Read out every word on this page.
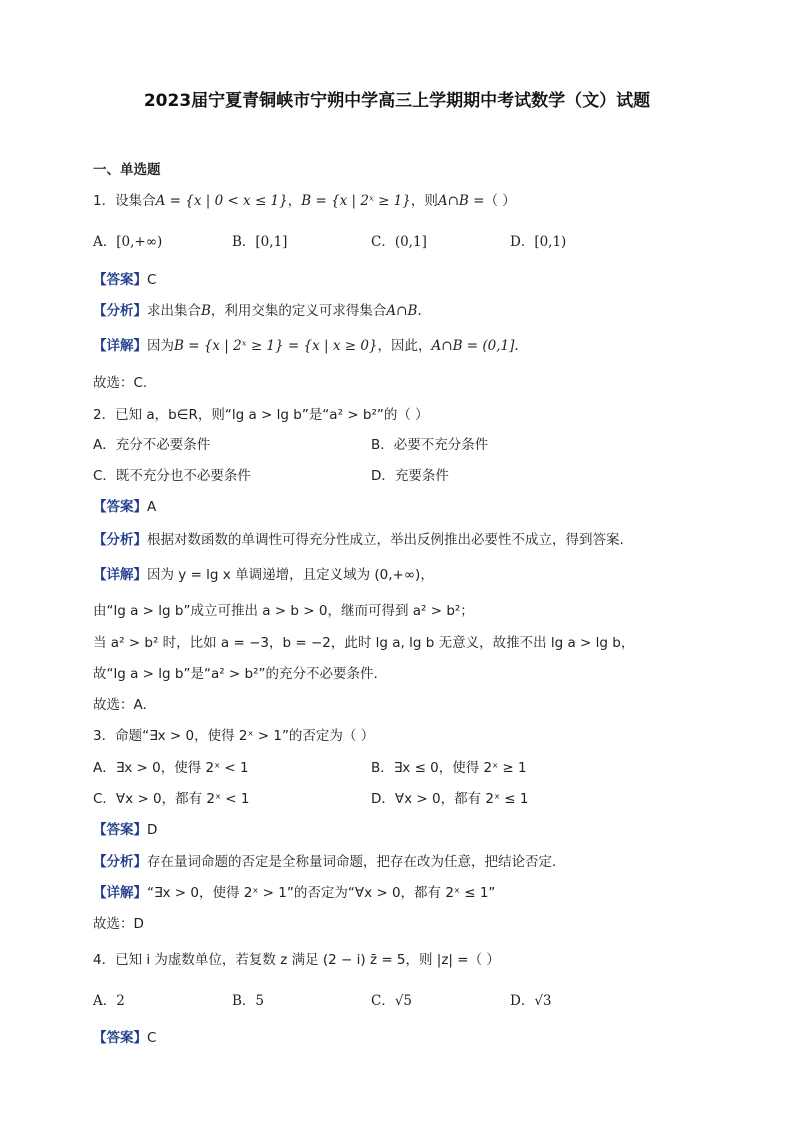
2023届宁夏青铜峡市宁朔中学高三上学期期中考试数学（文）试题
一、单选题
1．设集合A = {x | 0 < x ≤ 1}，B = {x | 2ˣ ≥ 1}，则A∩B =（ ）
A．[0,+∞)	B．[0,1]	C．(0,1]	D．[0,1)
【答案】C
【分析】求出集合B，利用交集的定义可求得集合A∩B.
【详解】因为B = {x | 2ˣ ≥ 1} = {x | x ≥ 0}，因此，A∩B = (0,1].
故选：C.
2．已知 a，b∈R，则“lg a > lg b”是“a² > b²”的（ ）
A．充分不必要条件	B．必要不充分条件
C．既不充分也不必要条件	D．充要条件
【答案】A
【分析】根据对数函数的单调性可得充分性成立，举出反例推出必要性不成立，得到答案.
【详解】因为 y = lg x 单调递增，且定义域为 (0,+∞)，
由“lg a > lg b”成立可推出 a > b > 0，继而可得到 a² > b²；
当 a² > b² 时，比如 a = −3，b = −2，此时 lg a, lg b 无意义，故推不出 lg a > lg b，
故“lg a > lg b”是“a² > b²”的充分不必要条件.
故选：A.
3．命题“∃x > 0，使得 2ˣ > 1”的否定为（ ）
A．∃x > 0，使得 2ˣ < 1	B．∃x ≤ 0，使得 2ˣ ≥ 1
C．∀x > 0，都有 2ˣ < 1	D．∀x > 0，都有 2ˣ ≤ 1
【答案】D
【分析】存在量词命题的否定是全称量词命题，把存在改为任意，把结论否定.
【详解】“∃x > 0，使得 2ˣ > 1”的否定为“∀x > 0，都有 2ˣ ≤ 1”
故选：D
4．已知 i 为虚数单位，若复数 z 满足 (2 − i) z̄ = 5，则 |z| =（ ）
A．2	B．5	C．√5	D．√3
【答案】C
